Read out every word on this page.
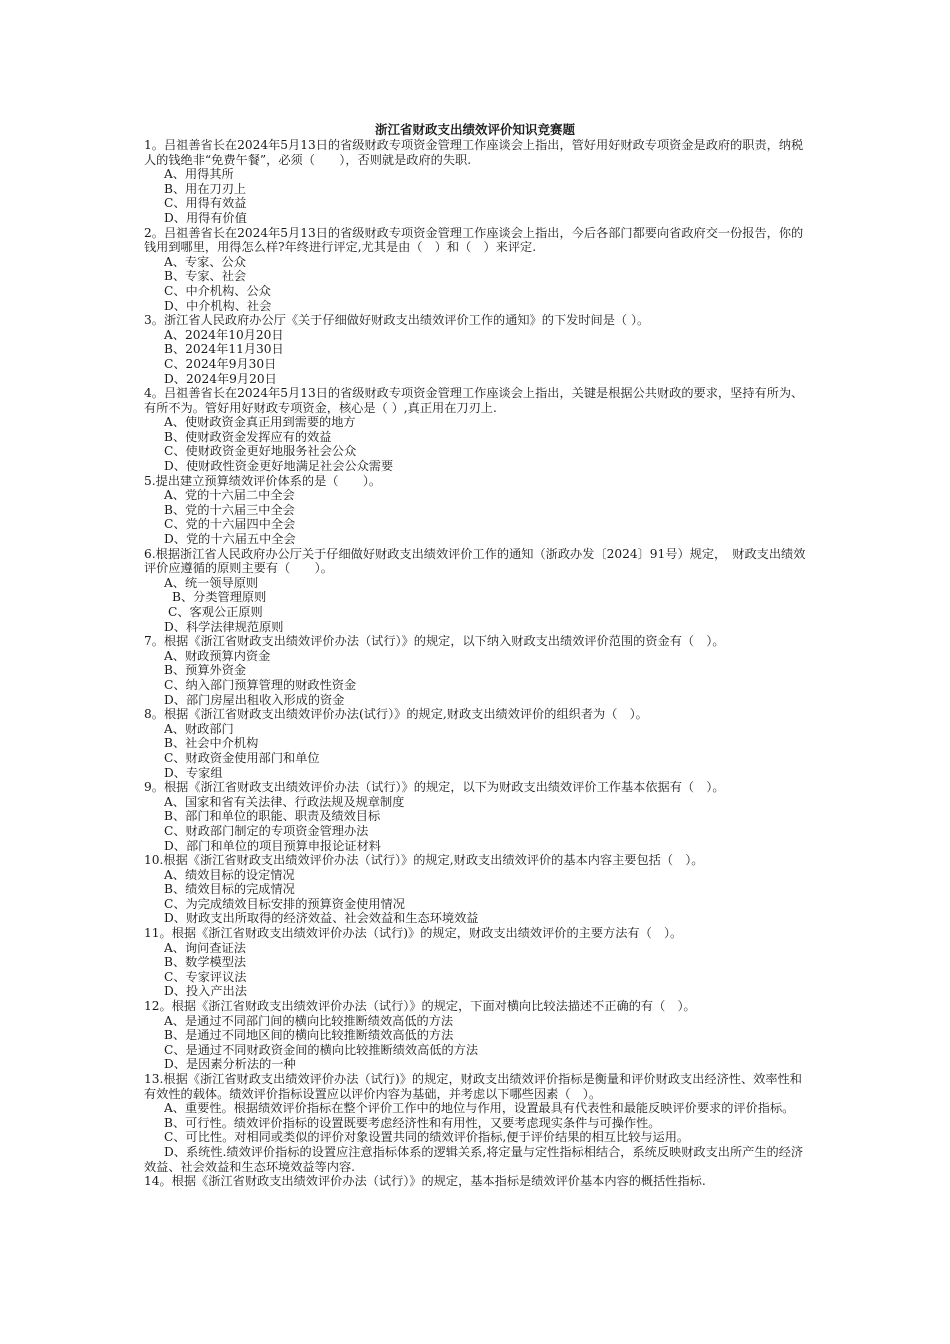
浙江省财政支出绩效评价知识竞赛题

1。吕祖善省长在2024年5月13日的省级财政专项资金管理工作座谈会上指出，管好用好财政专项资金是政府的职责，纳税人的钱绝非“免费午餐”，必须（　　），否则就是政府的失职.

A、用得其所

B、用在刀刃上

C、用得有效益

D、用得有价值

2。吕祖善省长在2024年5月13日的省级财政专项资金管理工作座谈会上指出，今后各部门都要向省政府交一份报告，你的钱用到哪里，用得怎么样?年终进行评定,尤其是由（　）和（　）来评定.

A、专家、公众

B、专家、社会

C、中介机构、公众

D、中介机构、社会

3。浙江省人民政府办公厅《关于仔细做好财政支出绩效评价工作的通知》的下发时间是（ ）。

A、2024年10月20日

B、2024年11月30日

C、2024年9月30日

D、2024年9月20日

4。吕祖善省长在2024年5月13日的省级财政专项资金管理工作座谈会上指出，关键是根据公共财政的要求，坚持有所为、有所不为。管好用好财政专项资金，核心是（ ）,真正用在刀刃上.

A、使财政资金真正用到需要的地方

B、使财政资金发挥应有的效益

C、使财政资金更好地服务社会公众

D、使财政性资金更好地满足社会公众需要

5.提出建立预算绩效评价体系的是（　　）。

A、党的十六届二中全会

B、党的十六届三中全会

C、党的十六届四中全会

D、党的十六届五中全会

6.根据浙江省人民政府办公厅关于仔细做好财政支出绩效评价工作的通知（浙政办发〔2024〕91号）规定，　财政支出绩效评价应遵循的原则主要有（　　）。

A、统一领导原则

B、分类管理原则

C、客观公正原则

D、科学法律规范原则

7。根据《浙江省财政支出绩效评价办法（试行）》的规定，以下纳入财政支出绩效评价范围的资金有（　）。

A、财政预算内资金

B、预算外资金

C、纳入部门预算管理的财政性资金

D、部门房屋出租收入形成的资金

8。根据《浙江省财政支出绩效评价办法(试行）》的规定,财政支出绩效评价的组织者为（　）。

A、财政部门

B、社会中介机构

C、财政资金使用部门和单位

D、专家组

9。根据《浙江省财政支出绩效评价办法（试行）》的规定，以下为财政支出绩效评价工作基本依据有（　）。

A、国家和省有关法律、行政法规及规章制度

B、部门和单位的职能、职责及绩效目标

C、财政部门制定的专项资金管理办法

D、部门和单位的项目预算申报论证材料

10.根据《浙江省财政支出绩效评价办法（试行）》的规定,财政支出绩效评价的基本内容主要包括（　）。

A、绩效目标的设定情况

B、绩效目标的完成情况

C、为完成绩效目标安排的预算资金使用情况

D、财政支出所取得的经济效益、社会效益和生态环境效益

11。根据《浙江省财政支出绩效评价办法（试行)》的规定，财政支出绩效评价的主要方法有（　）。

A、询问查证法

B、数学模型法

C、专家评议法

D、投入产出法

12。根据《浙江省财政支出绩效评价办法（试行）》的规定，下面对横向比较法描述不正确的有（　）。

A、是通过不同部门间的横向比较推断绩效高低的方法

B、是通过不同地区间的横向比较推断绩效高低的方法

C、是通过不同财政资金间的横向比较推断绩效高低的方法

D、是因素分析法的一种

13.根据《浙江省财政支出绩效评价办法（试行)》的规定，财政支出绩效评价指标是衡量和评价财政支出经济性、效率性和有效性的载体。绩效评价指标设置应以评价内容为基础，并考虑以下哪些因素（　）。

A、重要性。根据绩效评价指标在整个评价工作中的地位与作用，设置最具有代表性和最能反映评价要求的评价指标。

B、可行性。绩效评价指标的设置既要考虑经济性和有用性，又要考虑现实条件与可操作性。

C、可比性。对相同或类似的评价对象设置共同的绩效评价指标,便于评价结果的相互比较与运用。

D、系统性.绩效评价指标的设置应注意指标体系的逻辑关系,将定量与定性指标相结合，系统反映财政支出所产生的经济效益、社会效益和生态环境效益等内容.

14。根据《浙江省财政支出绩效评价办法（试行）》的规定，基本指标是绩效评价基本内容的概括性指标.
